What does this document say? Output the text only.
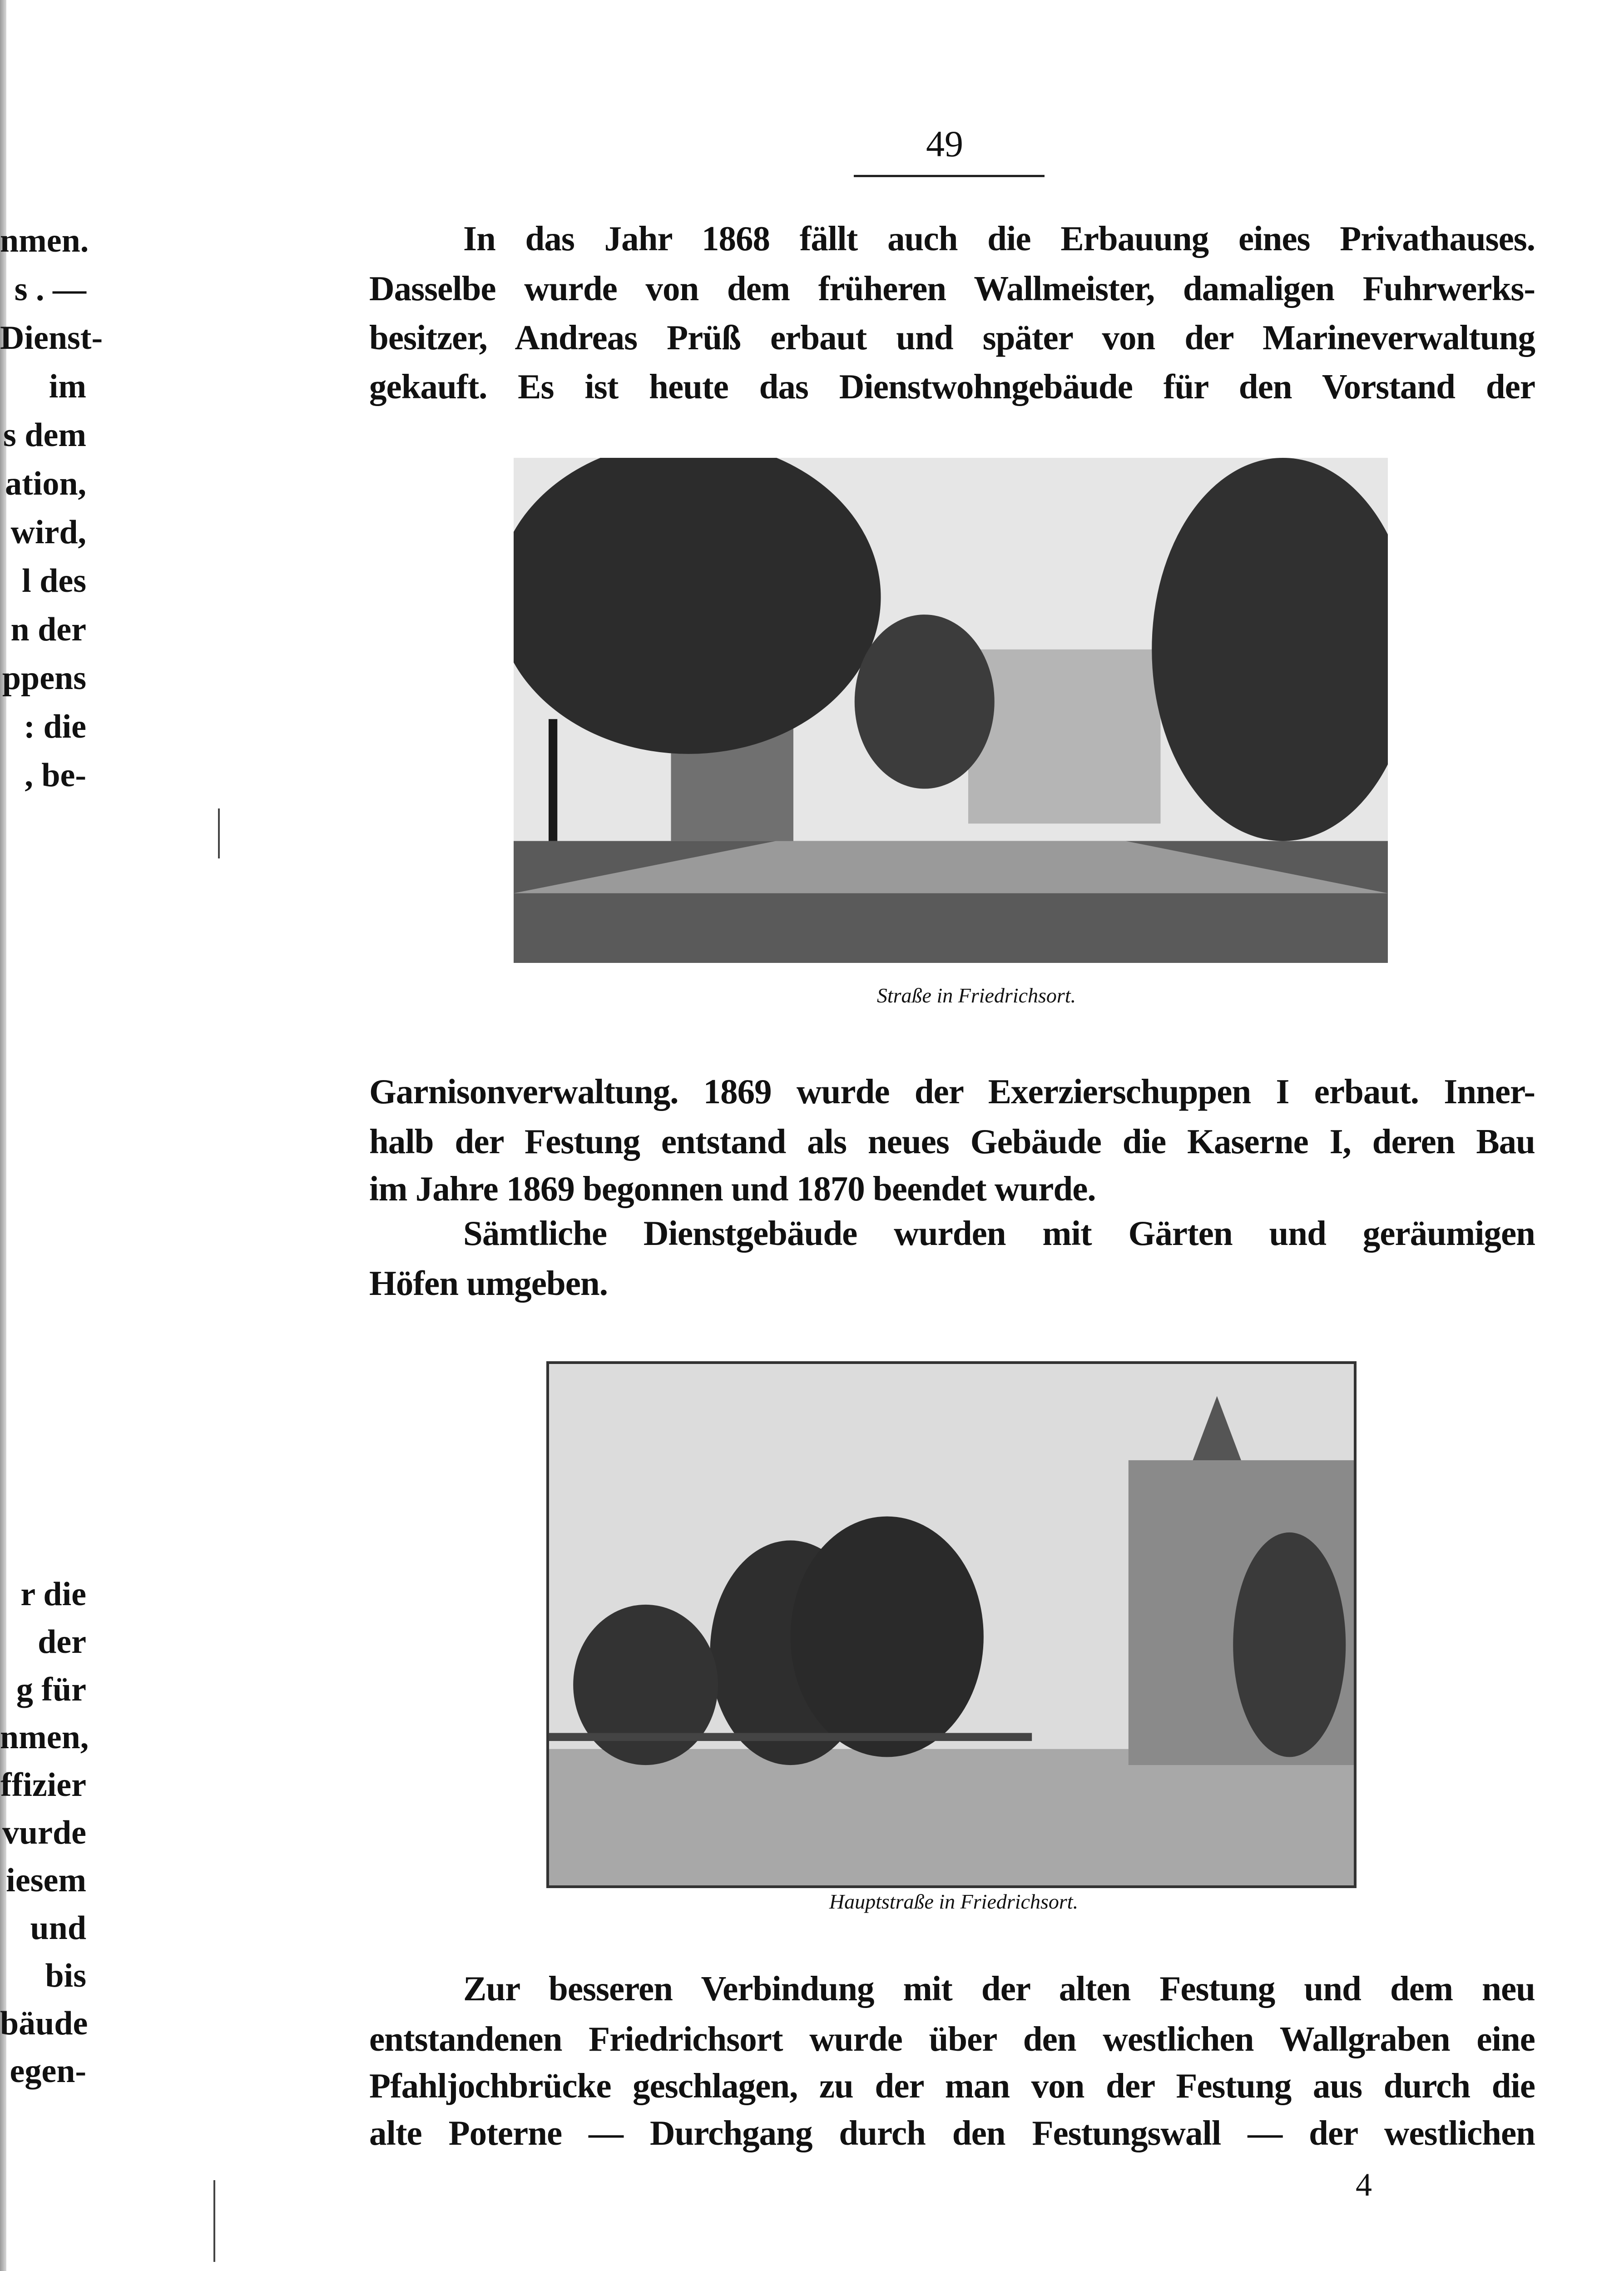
nmen.
s . —
Dienst-
im
s dem
ation,
wird,
l des
n der
ppens
: die
, be-
r die
der
g für
nmen,
ffizier
vurde
iesem
und
bis
bäude
egen-
49
In das Jahr 1868 fällt auch die Erbauung eines Privathauses.
Dasselbe wurde von dem früheren Wallmeister, damaligen Fuhrwerks-
besitzer, Andreas Prüß erbaut und später von der Marineverwaltung
gekauft. Es ist heute das Dienstwohngebäude für den Vorstand der
Straße in Friedrichsort.
Garnisonverwaltung. 1869 wurde der Exerzierschuppen I erbaut. Inner-
halb der Festung entstand als neues Gebäude die Kaserne I, deren Bau
im Jahre 1869 begonnen und 1870 beendet wurde.
Sämtliche Dienstgebäude wurden mit Gärten und geräumigen
Höfen umgeben.
Hauptstraße in Friedrichsort.
Zur besseren Verbindung mit der alten Festung und dem neu
entstandenen Friedrichsort wurde über den westlichen Wallgraben eine
Pfahljochbrücke geschlagen, zu der man von der Festung aus durch die
alte Poterne — Durchgang durch den Festungswall — der westlichen
4
